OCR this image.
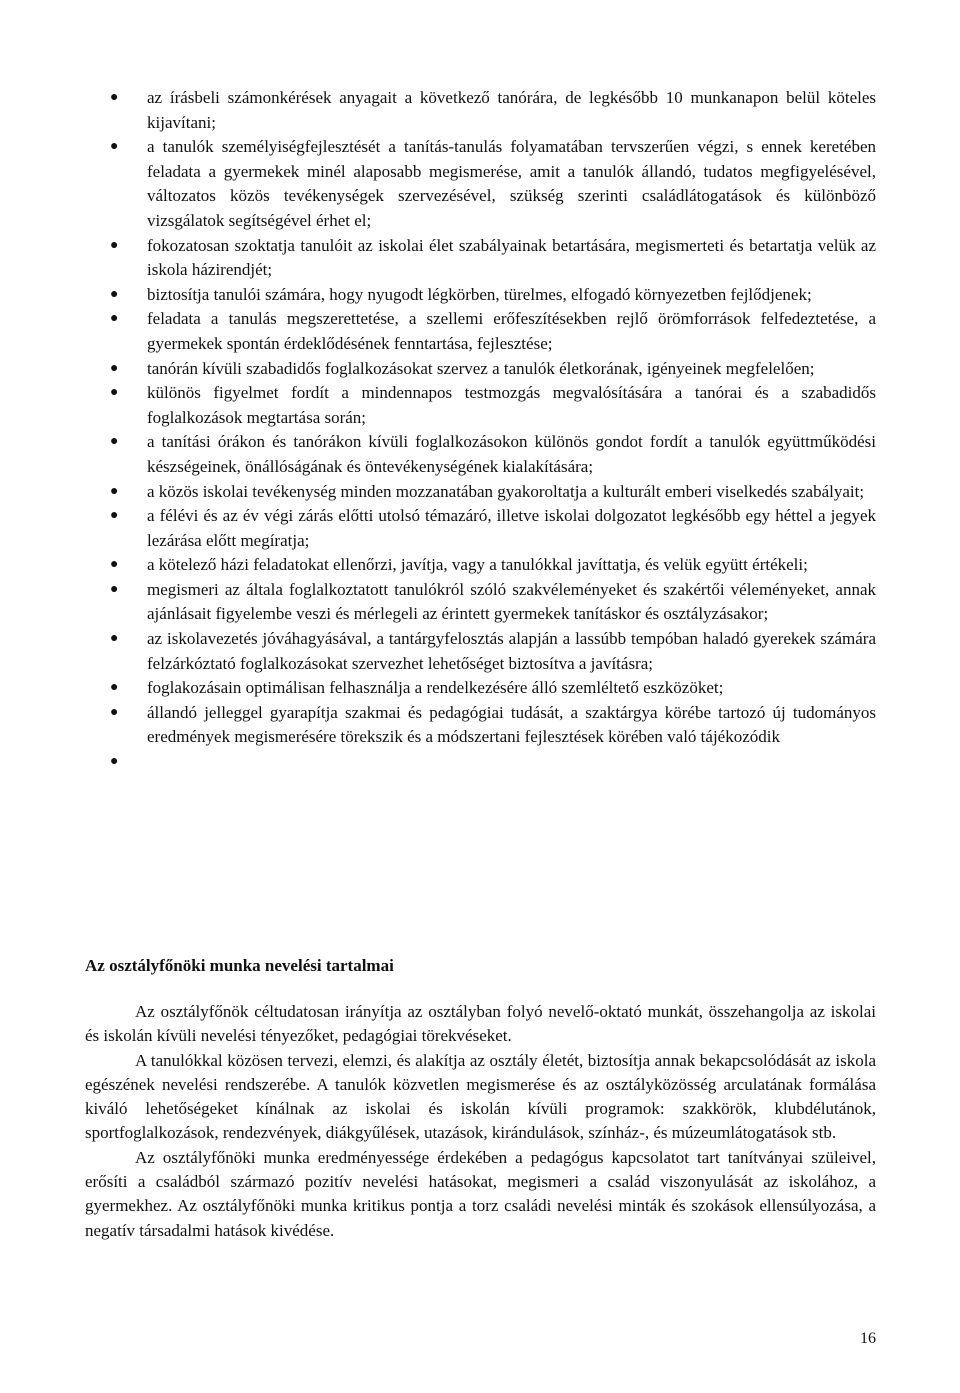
● az írásbeli számonkérések anyagait a következő tanórára, de legkésőbb 10 munkanapon belül köteles kijavítani;
● a tanulók személyiségfejlesztését a tanítás-tanulás folyamatában tervszerűen végzi, s ennek keretében feladata a gyermekek minél alaposabb megismerése, amit a tanulók állandó, tudatos megfigyelésével, változatos közös tevékenységek szervezésével, szükség szerinti családlátogatások és különböző vizsgálatok segítségével érhet el;
● fokozatosan szoktatja tanulóit az iskolai élet szabályainak betartására, megismerteti és betartatja velük az iskola házirendjét;
● biztosítja tanulói számára, hogy nyugodt légkörben, türelmes, elfogadó környezetben fejlődjenek;
● feladata a tanulás megszerettetése, a szellemi erőfeszítésekben rejlő örömforrások felfedeztetése, a gyermekek spontán érdeklődésének fenntartása, fejlesztése;
● tanórán kívüli szabadidős foglalkozásokat szervez a tanulók életkorának, igényeinek megfelelően;
● különös figyelmet fordít a mindennapos testmozgás megvalósítására a tanórai és a szabadidős foglalkozások megtartása során;
● a tanítási órákon és tanórákon kívüli foglalkozásokon különös gondot fordít a tanulók együttműködési készségeinek, önállóságának és öntevékenységének kialakítására;
● a közös iskolai tevékenység minden mozzanatában gyakoroltatja a kulturált emberi viselkedés szabályait;
● a félévi és az év végi zárás előtti utolsó témazáró, illetve iskolai dolgozatot legkésőbb egy héttel a jegyek lezárása előtt megíratja;
● a kötelező házi feladatokat ellenőrzi, javítja, vagy a tanulókkal javíttatja, és velük együtt értékeli;
● megismeri az általa foglalkoztatott tanulókról szóló szakvéleményeket és szakértői véleményeket, annak ajánlásait figyelembe veszi és mérlegeli az érintett gyermekek tanításkor és osztályzásakor;
● az iskolavezetés jóváhagyásával, a tantárgyfelosztás alapján a lassúbb tempóban haladó gyerekek számára felzárkóztató foglalkozásokat szervezhet lehetőséget biztosítva a javításra;
● foglakozásain optimálisan felhasználja a rendelkezésére álló szemléltető eszközöket;
● állandó jelleggel gyarapítja szakmai és pedagógiai tudását, a szaktárgya körébe tartozó új tudományos eredmények megismerésére törekszik és a módszertani fejlesztések körében való tájékozódik
●
Az osztályfőnöki munka nevelési tartalmai

Az osztályfőnök céltudatosan irányítja az osztályban folyó nevelő-oktató munkát, összehangolja az iskolai és iskolán kívüli nevelési tényezőket, pedagógiai törekvéseket.

A tanulókkal közösen tervezi, elemzi, és alakítja az osztály életét, biztosítja annak bekapcsolódását az iskola egészének nevelési rendszerébe. A tanulók közvetlen megismerése és az osztályközösség arculatának formálása kiváló lehetőségeket kínálnak az iskolai és iskolán kívüli programok: szakkörök, klubdélutánok, sportfoglalkozások, rendezvények, diákgyűlések, utazások, kirándulások, színház-, és múzeumlátogatások stb.

Az osztályfőnöki munka eredményessége érdekében a pedagógus kapcsolatot tart tanítványai szüleivel, erősíti a családból származó pozitív nevelési hatásokat, megismeri a család viszonyulását az iskolához, a gyermekhez. Az osztályfőnöki munka kritikus pontja a torz családi nevelési minták és szokások ellensúlyozása, a negatív társadalmi hatások kivédése.

16
